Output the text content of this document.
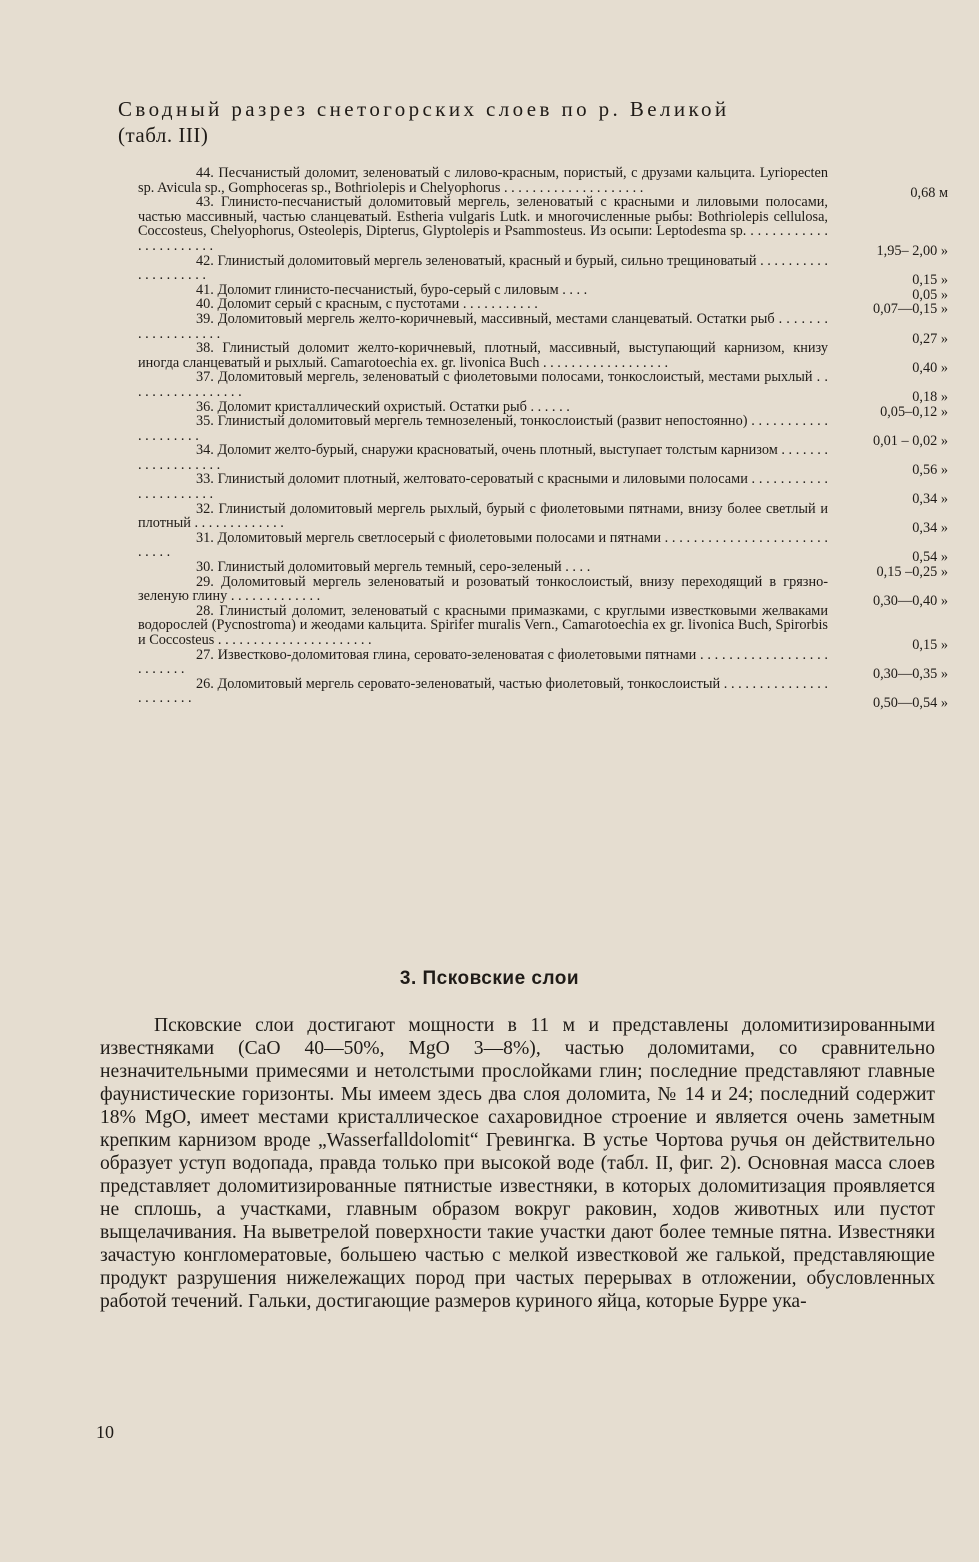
Сводный разрез снетогорских слоев по р. Великой
(табл. III)
44. Песчанистый доломит, зеленоватый с лилово-красным, пористый, с друзами кальцита. Lyriopecten sp. Avicula sp., Gomphoceras sp., Bothriolepis и Chelyophorus . . . . . . . . . . . . . . . . . . . .	0,68 м
43. Глинисто-песчанистый доломитовый мергель, зеленоватый с красными и лиловыми полосами, частью массивный, частью сланцеватый. Estheria vulgaris Lutk. и многочисленные рыбы: Bothriolepis cellulosa, Coccosteus, Chelyophorus, Osteolepis, Dipterus, Glyptolepis и Psammosteus. Из осыпи: Leptodesma sp. . . . . . . . . . . . . . . . . . . . . . .	1,95– 2,00 »
42. Глинистый доломитовый мергель зеленоватый, красный и бурый, сильно трещиноватый . . . . . . . . . . . . . . . . . . . .	0,15 »
41. Доломит глинисто-песчанистый, буро-серый с лиловым . . . .	0,05 »
40. Доломит серый с красным, с пустотами . . . . . . . . . . .	0,07—0,15 »
39. Доломитовый мергель желто-коричневый, массивный, местами сланцеватый. Остатки рыб . . . . . . . . . . . . . . . . . . .	0,27 »
38. Глинистый доломит желто-коричневый, плотный, массивный, выступающий карнизом, книзу иногда сланцеватый и рыхлый. Camarotoechia ex. gr. livonica Buch . . . . . . . . . . . . . . . . . .	0,40 »
37. Доломитовый мергель, зеленоватый с фиолетовыми полосами, тонкослоистый, местами рыхлый . . . . . . . . . . . . . . . . .	0,18 »
36. Доломит кристаллический охристый. Остатки рыб . . . . . .	0,05–0,12 »
35. Глинистый доломитовый мергель темнозеленый, тонкослоистый (развит непостоянно) . . . . . . . . . . . . . . . . . . . .	0,01 – 0,02 »
34. Доломит желто-бурый, снаружи красноватый, очень плотный, выступает толстым карнизом . . . . . . . . . . . . . . . . . . .	0,56 »
33. Глинистый доломит плотный, желтовато-сероватый с красными и лиловыми полосами . . . . . . . . . . . . . . . . . . . . . .	0,34 »
32. Глинистый доломитовый мергель рыхлый, бурый с фиолетовыми пятнами, внизу более светлый и плотный . . . . . . . . . . . . .	0,34 »
31. Доломитовый мергель светлосерый с фиолетовыми полосами и пятнами . . . . . . . . . . . . . . . . . . . . . . . . . . . .	0,54 »
30. Глинистый доломитовый мергель темный, серо-зеленый . . . .	0,15 –0,25 »
29. Доломитовый мергель зеленоватый и розоватый тонкослоистый, внизу переходящий в грязно-зеленую глину . . . . . . . . . . . . .	0,30—0,40 »
28. Глинистый доломит, зеленоватый с красными примазками, с круглыми известковыми желваками водорослей (Pycnostroma) и жеодами кальцита. Spirifer muralis Vern., Camarotoechia ex gr. livonica Buch, Spirorbis и Coccosteus . . . . . . . . . . . . . . . . . . . . . .	0,15 »
27. Известково-доломитовая глина, серовато-зеленоватая с фиолетовыми пятнами . . . . . . . . . . . . . . . . . . . . . . . . .	0,30—0,35 »
26. Доломитовый мергель серовато-зеленоватый, частью фиолетовый, тонкослоистый . . . . . . . . . . . . . . . . . . . . . . .	0,50—0,54 »
3. Псковские слои
Псковские слои достигают мощности в 11 м и представлены доломитизированными известняками (СаО 40—50%, MgO 3—8%), частью доломитами, со сравнительно незначительными примесями и нетолстыми прослойками глин; последние представляют главные фаунистические горизонты. Мы имеем здесь два слоя доломита, № 14 и 24; последний содержит 18% MgO, имеет местами кристаллическое сахаровидное строение и является очень заметным крепким карнизом вроде „Wasserfalldolomit“ Гревингка. В устье Чортова ручья он действительно образует уступ водопада, правда только при высокой воде (табл. II, фиг. 2). Основная масса слоев представляет доломитизированные пятнистые известняки, в которых доломитизация проявляется не сплошь, а участками, главным образом вокруг раковин, ходов животных или пустот выщелачивания. На выветрелой поверхности такие участки дают более темные пятна. Известняки зачастую конгломератовые, большею частью с мелкой известковой же галькой, представляющие продукт разрушения нижележащих пород при частых перерывах в отложении, обусловленных работой течений. Гальки, достигающие размеров куриного яйца, которые Бурре ука-
10
